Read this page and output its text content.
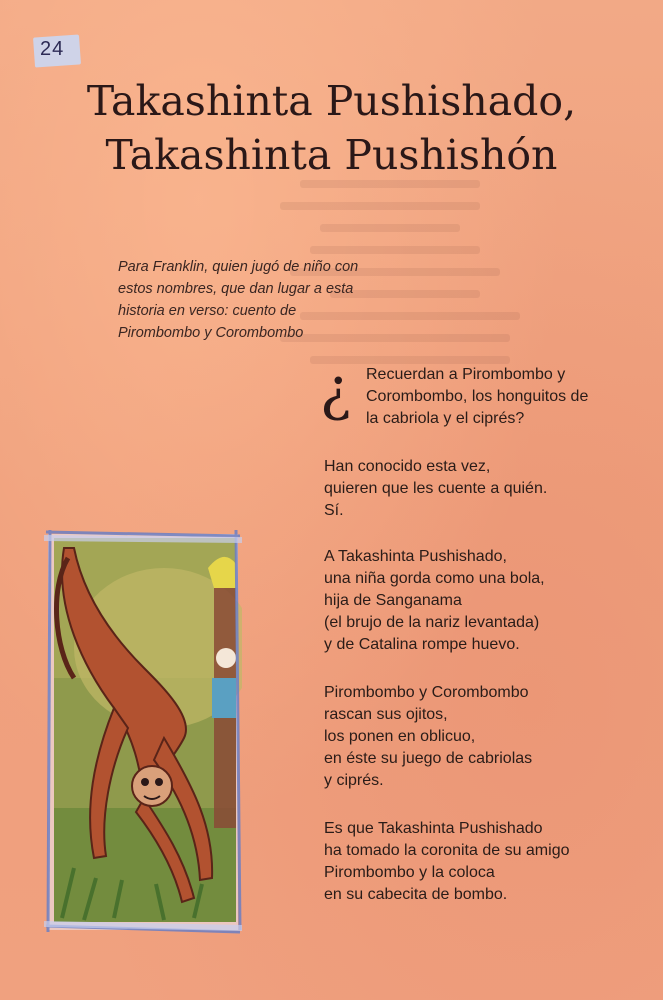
24
Takashinta Pushishado,
Takashinta Pushishón
Para Franklin, quien jugó de niño con
estos nombres, que dan lugar a esta
historia en verso: cuento de
Pirombombo y Corombombo
¿ Recuerdan a Pirombombo y

Corombombo, los honguitos de

la cabriola y el ciprés?

Han conocido esta vez,

quieren que les cuente a quién.

Sí.

A Takashinta Pushishado,

una niña gorda como una bola,

hija de Sanganama

(el brujo de la nariz levantada)

y de Catalina rompe huevo.

Pirombombo y Corombombo

rascan sus ojitos,

los ponen en oblicuo,

en éste su juego de cabriolas

y ciprés.

Es que Takashinta Pushishado

ha tomado la coronita de su amigo

Pirombombo y la coloca

en su cabecita de bombo.
